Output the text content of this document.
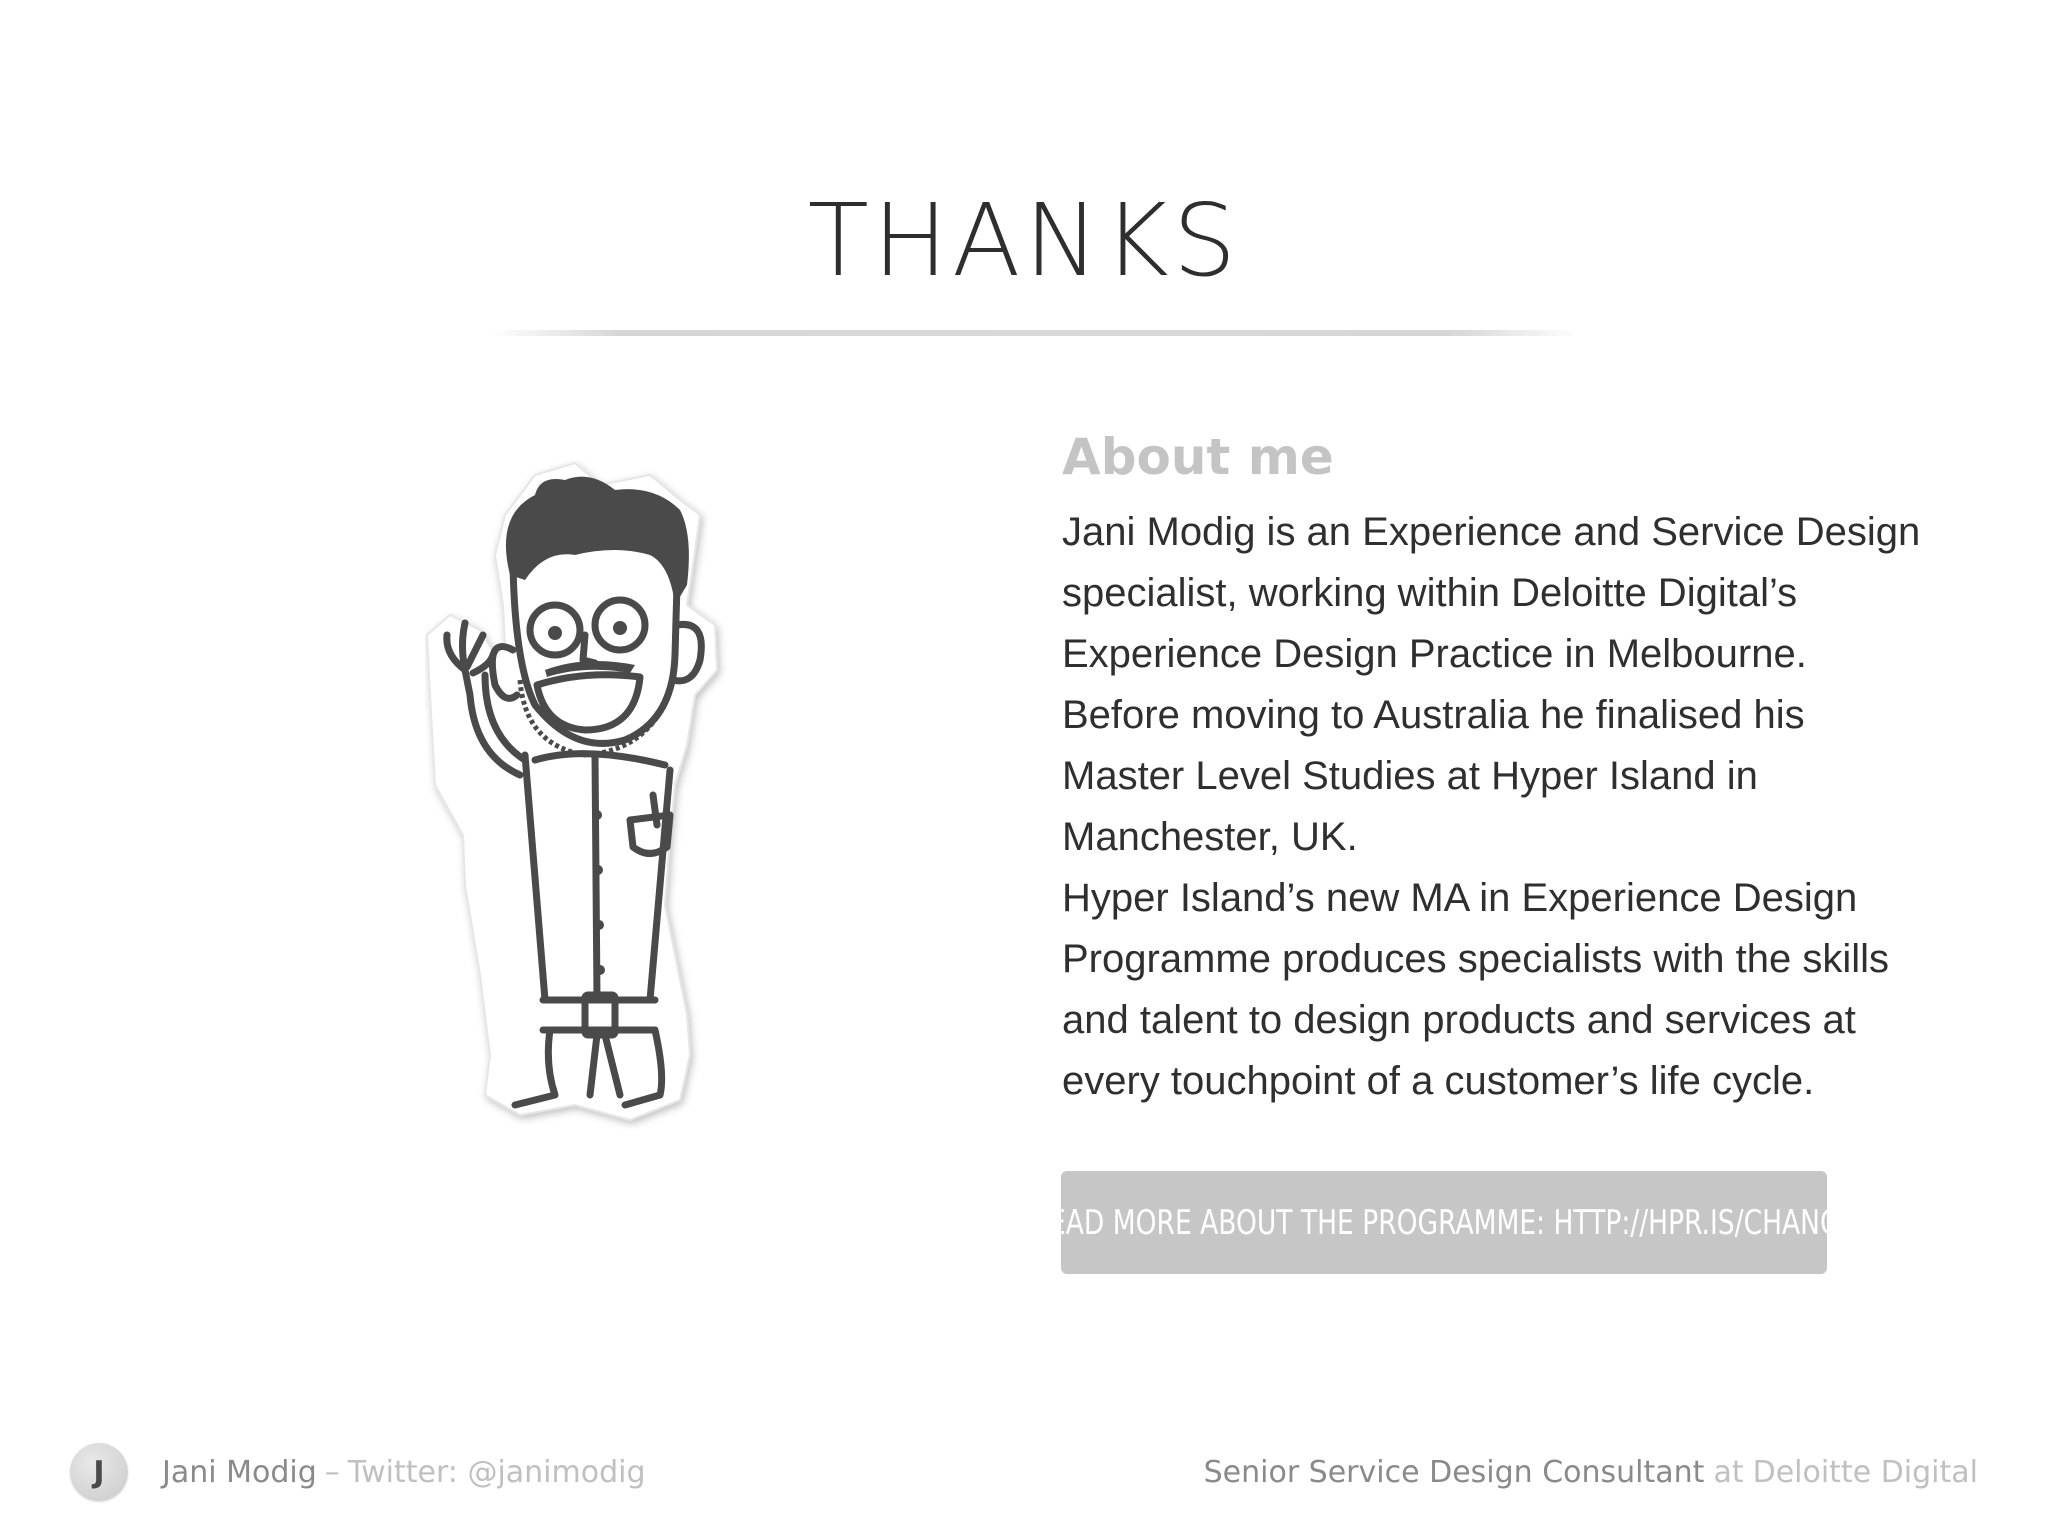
THANKS
About me
Jani Modig is an Experience and Service Design specialist, working within Deloitte Digital’s Experience Design Practice in Melbourne. Before moving to Australia he finalised his Master Level Studies at Hyper Island in Manchester, UK.
Hyper Island’s new MA in Experience Design Programme produces specialists with the skills and talent to design products and services at every touchpoint of a customer’s life cycle.
READ MORE ABOUT THE PROGRAMME: HTTP://HPR.IS/CHANGE
J Jani Modig – Twitter: @janimodig	Senior Service Design Consultant at Deloitte Digital
